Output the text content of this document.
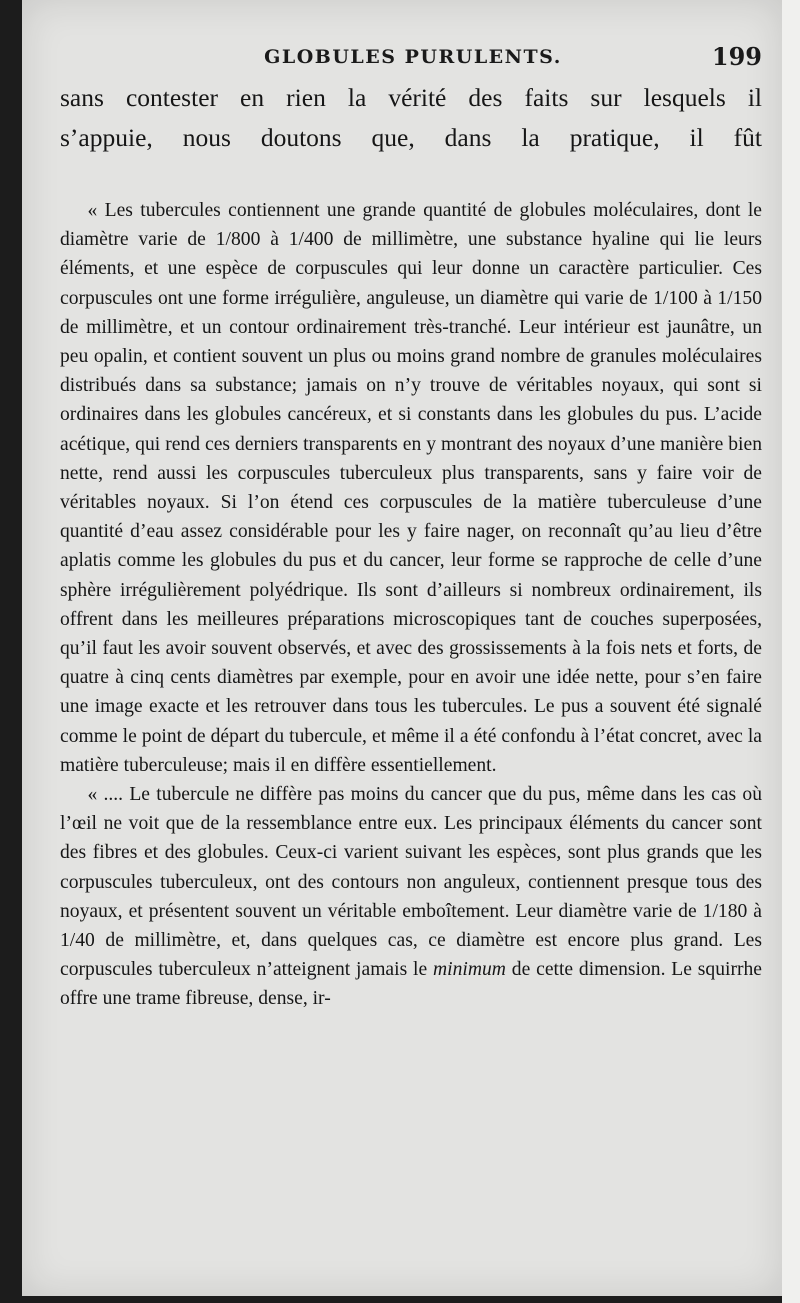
GLOBULES PURULENTS.	199
sans contester en rien la vérité des faits sur lesquels il
s’appuie, nous doutons que, dans la pratique, il fût

« Les tubercules contiennent une grande quantité de globules moléculaires, dont le diamètre varie de 1/800 à 1/400 de millimètre, une substance hyaline qui lie leurs éléments, et une espèce de corpuscules qui leur donne un caractère particulier. Ces corpuscules ont une forme irrégulière, anguleuse, un diamètre qui varie de 1/100 à 1/150 de millimètre, et un contour ordinairement très-tranché. Leur intérieur est jaunâtre, un peu opalin, et contient souvent un plus ou moins grand nombre de granules moléculaires distribués dans sa substance; jamais on n’y trouve de véritables noyaux, qui sont si ordinaires dans les globules cancéreux, et si constants dans les globules du pus. L’acide acétique, qui rend ces derniers transparents en y montrant des noyaux d’une manière bien nette, rend aussi les corpuscules tuberculeux plus transparents, sans y faire voir de véritables noyaux. Si l’on étend ces corpuscules de la matière tuberculeuse d’une quantité d’eau assez considérable pour les y faire nager, on reconnaît qu’au lieu d’être aplatis comme les globules du pus et du cancer, leur forme se rapproche de celle d’une sphère irrégulièrement polyédrique. Ils sont d’ailleurs si nombreux ordinairement, ils offrent dans les meilleures préparations microscopiques tant de couches superposées, qu’il faut les avoir souvent observés, et avec des grossissements à la fois nets et forts, de quatre à cinq cents diamètres par exemple, pour en avoir une idée nette, pour s’en faire une image exacte et les retrouver dans tous les tubercules. Le pus a souvent été signalé comme le point de départ du tubercule, et même il a été confondu à l’état concret, avec la matière tuberculeuse; mais il en diffère essentiellement.

« .... Le tubercule ne diffère pas moins du cancer que du pus, même dans les cas où l’œil ne voit que de la ressemblance entre eux. Les principaux éléments du cancer sont des fibres et des globules. Ceux-ci varient suivant les espèces, sont plus grands que les corpuscules tuberculeux, ont des contours non anguleux, contiennent presque tous des noyaux, et présentent souvent un véritable emboîtement. Leur diamètre varie de 1/180 à 1/40 de millimètre, et, dans quelques cas, ce diamètre est encore plus grand. Les corpuscules tuberculeux n’atteignent jamais le minimum de cette dimension. Le squirrhe offre une trame fibreuse, dense, ir-
